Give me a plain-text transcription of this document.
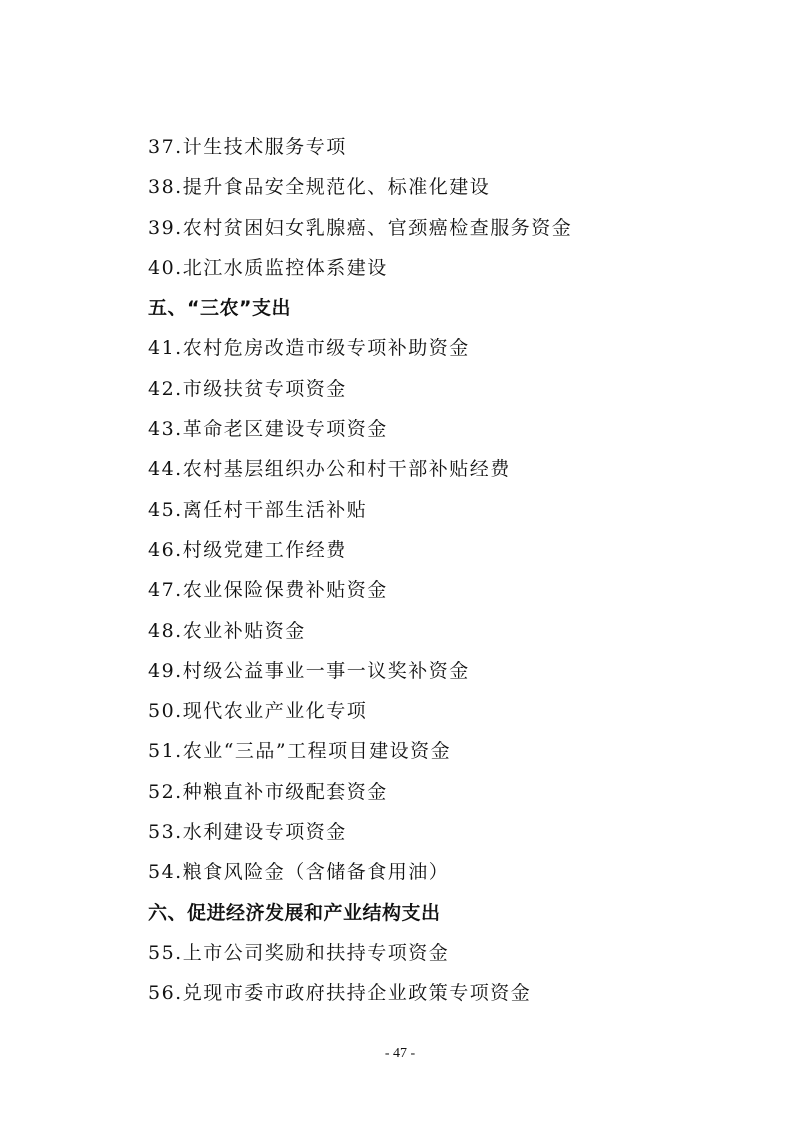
37.计生技术服务专项
38.提升食品安全规范化、标准化建设
39.农村贫困妇女乳腺癌、官颈癌检查服务资金
40.北江水质监控体系建设
五、“三农”支出
41.农村危房改造市级专项补助资金
42.市级扶贫专项资金
43.革命老区建设专项资金
44.农村基层组织办公和村干部补贴经费
45.离任村干部生活补贴
46.村级党建工作经费
47.农业保险保费补贴资金
48.农业补贴资金
49.村级公益事业一事一议奖补资金
50.现代农业产业化专项
51.农业“三品”工程项目建设资金
52.种粮直补市级配套资金
53.水利建设专项资金
54.粮食风险金（含储备食用油）
六、促进经济发展和产业结构支出
55.上市公司奖励和扶持专项资金
56.兑现市委市政府扶持企业政策专项资金
- 47 -
